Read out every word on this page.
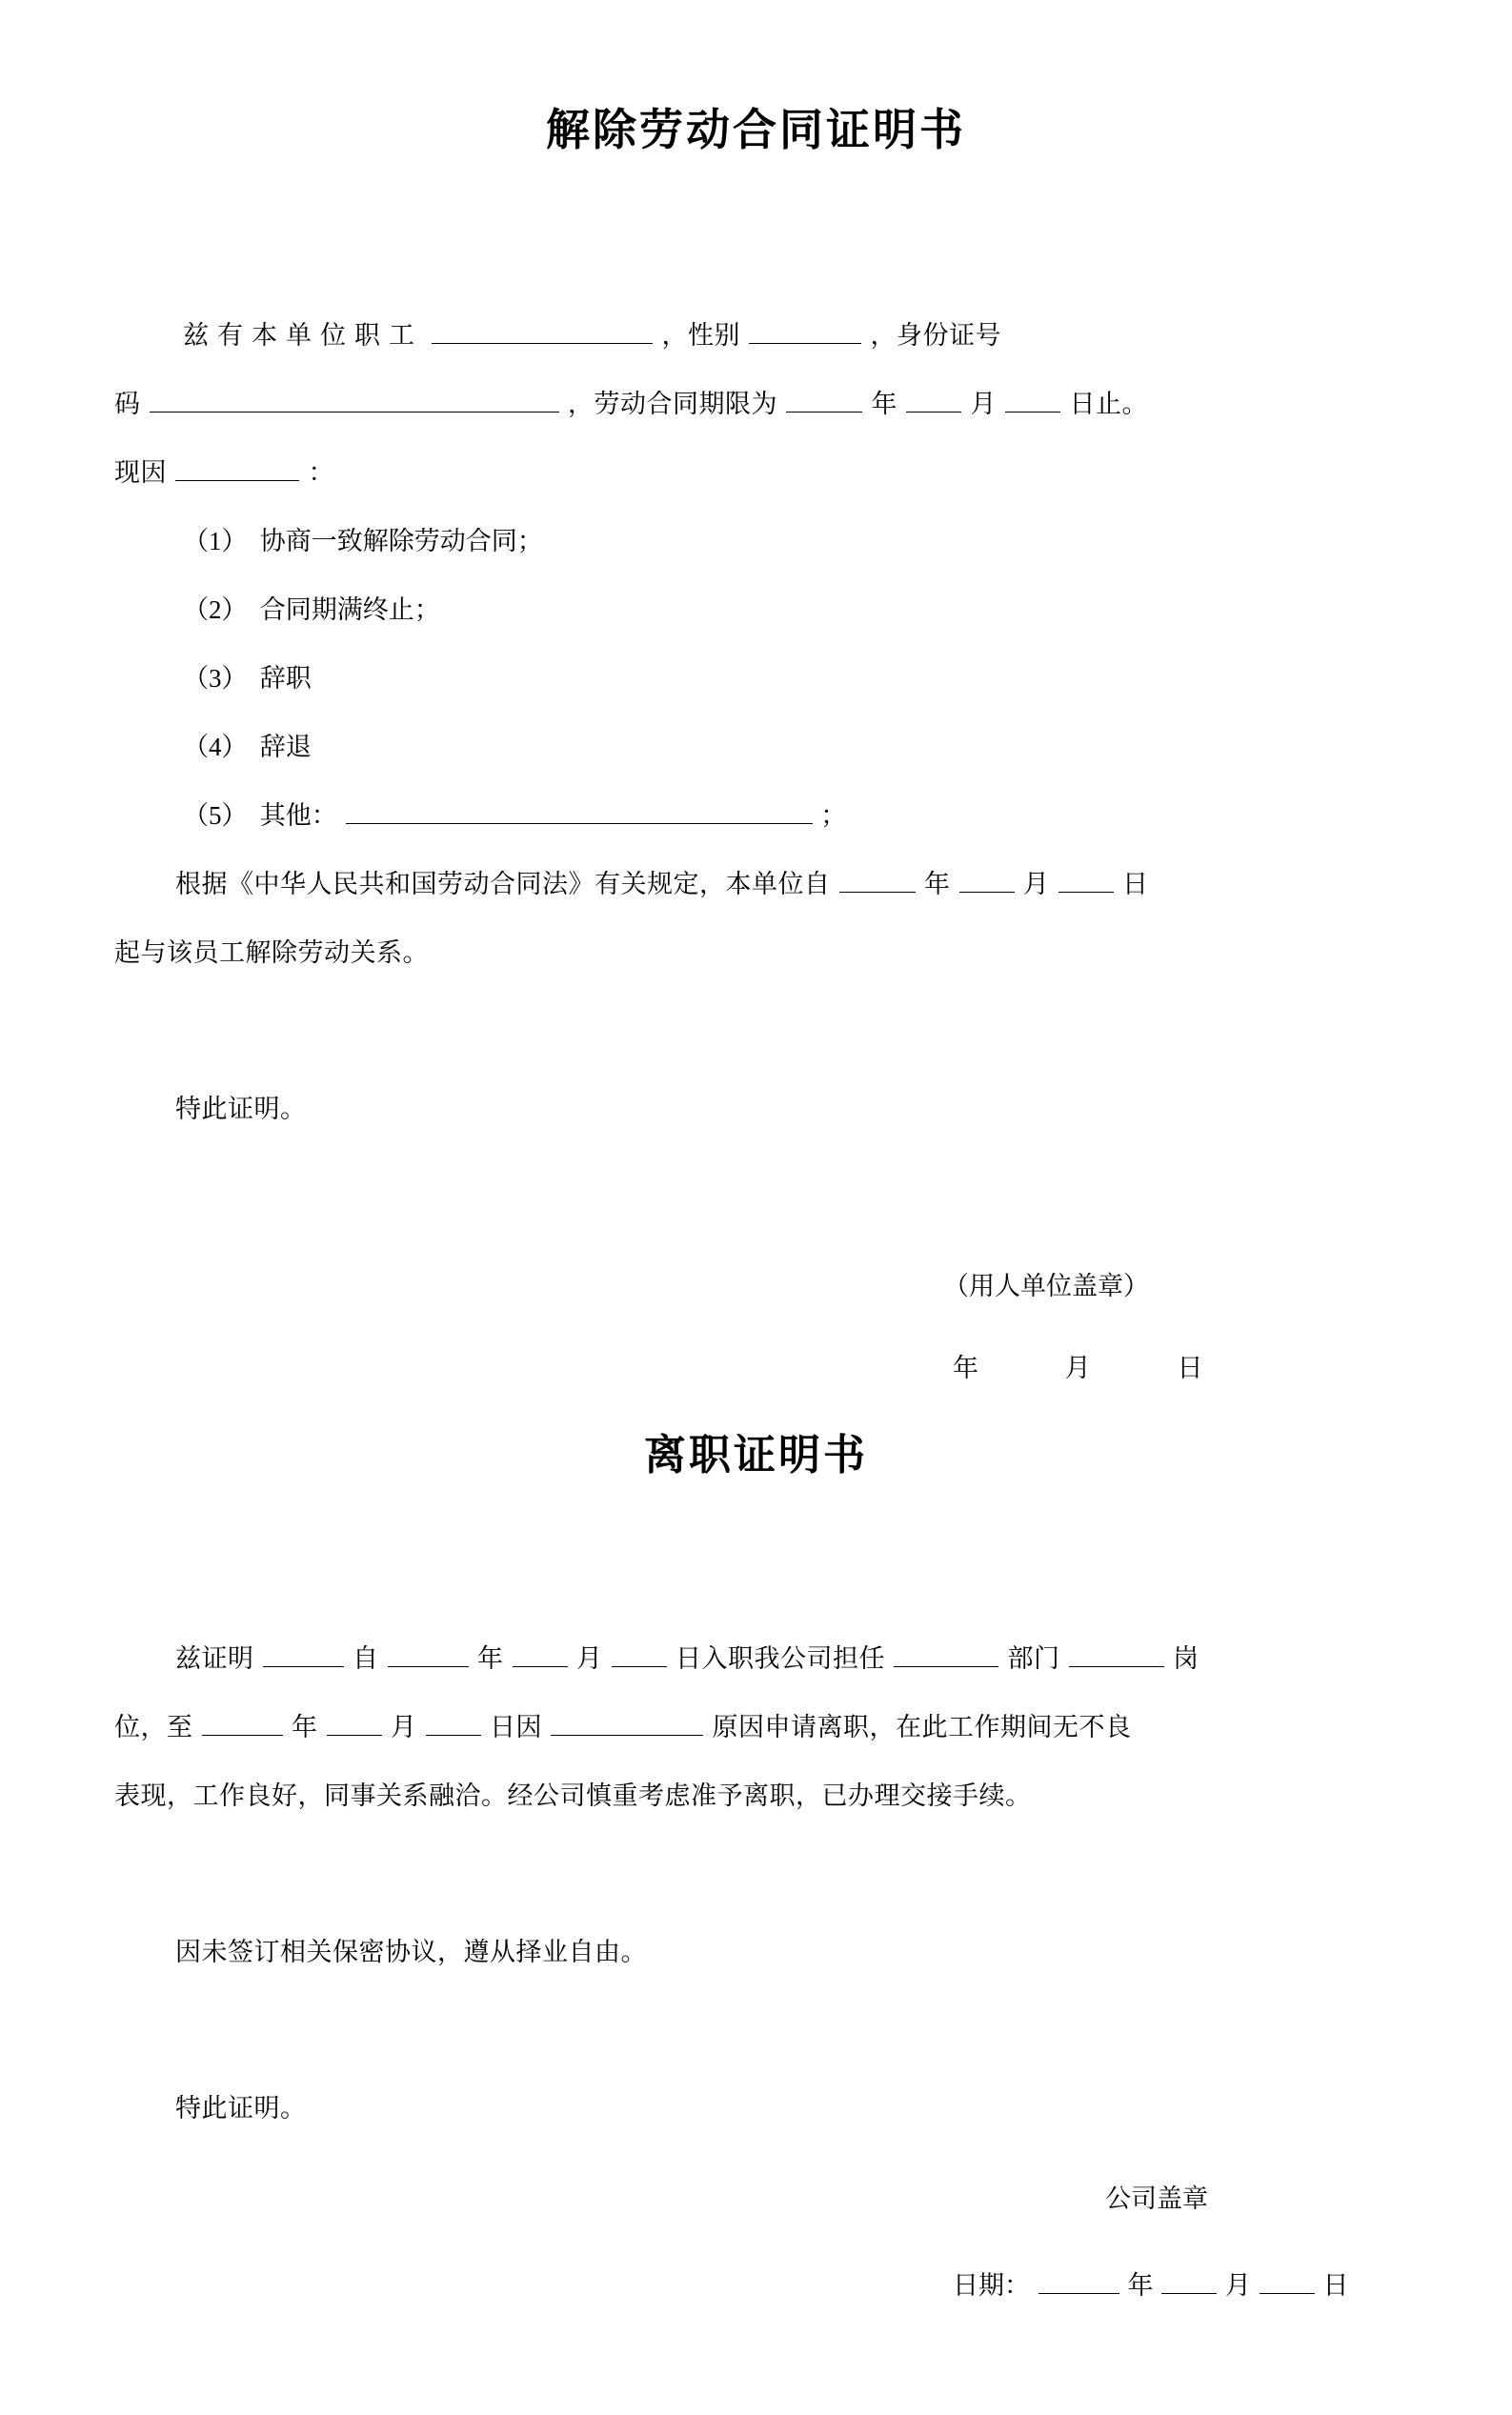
解除劳动合同证明书

兹有本单位职工	，性别	，身份证号

码	，劳动合同期限为	年	月	日止。

现因	：

（1） 协商一致解除劳动合同；

（2） 合同期满终止；

（3） 辞职

（4） 辞退

（5） 其他：	；

根据《中华人民共和国劳动合同法》有关规定，本单位自	年	月	日

起与该员工解除劳动关系。

特此证明。

（用人单位盖章）

年 月 日

离职证明书

兹证明	自	年	月	日入职我公司担任	部门	岗

位，至	年	月	日因	原因申请离职，在此工作期间无不良

表现，工作良好，同事关系融洽。经公司慎重考虑准予离职，已办理交接手续。

因未签订相关保密协议，遵从择业自由。

特此证明。

公司盖章

日期：	年	月	日
